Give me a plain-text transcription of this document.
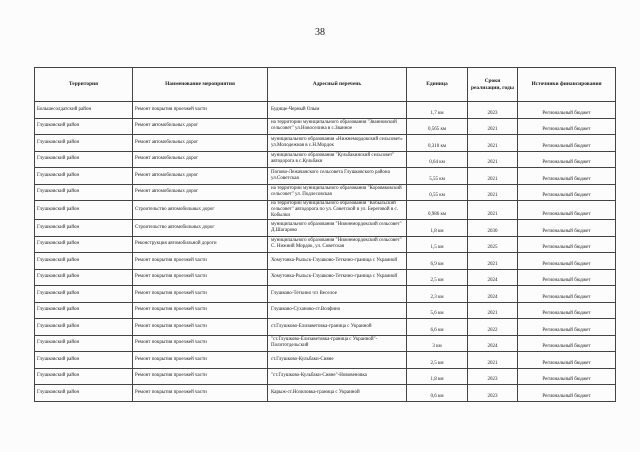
38
Территория	Наименование мероприятия	Адресный перечень	Единица	Сроки реализации, годы	Источники финансирования
Большесолдатский район	Ремонт покрытия проезжей части	Будище-Черный Олым	1,7 км	2023	Региональный бюджет
Глушковский район	Ремонт автомобильных дорог	на территории муниципального образования "Званновский сельсовет" ул.Новоселина в с.Званное	0,565 км	2021	Региональный бюджет
Глушковский район	Ремонт автомобильных дорог	муниципального образования «Нижнемордокский сельсовет» ул.Молодежная в с.Н.Мордок	0,310 км	2021	Региональный бюджет
Глушковский район	Ремонт автомобильных дорог	муниципального образования "Кульбакинский сельсовет" автодорога в с.Кульбаки	0,64 км	2021	Региональный бюджет
Глушковский район	Ремонт автомобильных дорог	Попово-Лежачанского сельсовета Глушковского района ул.Советская	5,55 км	2021	Региональный бюджет
Глушковский район	Ремонт автомобильных дорог	на территории муниципального образования "Коровяковский сельсовет" ул. Подлесовская	0,55 км	2021	Региональный бюджет
Глушковский район	Строительство автомобильных дорог	на территории муниципального образования "Кобыльский сельсовет" автодорога по ул. Советской и ул. Береговой в с. Кобылки	0,986 км	2021	Региональный бюджет
Глушковский район	Строительство автомобильных дорог	муниципального образования "Нижнемордокский сельсовет" Д.Шагарово	1,8 км	2030	Региональный бюджет
Глушковский район	Реконструкция автомобильной дороги	муниципального образования "Нижнемордокский сельсовет" С. Нижний Мордок, ул. Советская	1,5 км	2025	Региональный бюджет
Глушковский район	Ремонт покрытия проезжей части	Хомутовка-Рыльск-Глушково-Теткино-граница с Украиной	6,9 км	2021	Региональный бюджет
Глушковский район	Ремонт покрытия проезжей части	Хомутовка-Рыльск-Глушково-Теткино-граница с Украиной	2,5 км	2024	Региональный бюджет
Глушковский район	Ремонт покрытия проезжей части	Глушково-Теткино ч/з Веселое	2,3 км	2024	Региональный бюджет
Глушковский район	Ремонт покрытия проезжей части	Глушково-Суханово-ст.Волфино	5,6 км	2021	Региональный бюджет
Глушковский район	Ремонт покрытия проезжей части	ст.Глушково-Елизаветовка-граница с Украиной	6,6 км	2022	Региональный бюджет
Глушковский район	Ремонт покрытия проезжей части	"ст.Глушково-Елизаветовка-граница с Украиной"-Политотдельский	3 км	2024	Региональный бюджет
Глушковский район	Ремонт покрытия проезжей части	ст.Глушково-Кульбаки-Сияне	2,5 км	2021	Региональный бюджет
Глушковский район	Ремонт покрытия проезжей части	"ст.Глушково-Кульбаки-Сияне"-Нововеновка	1,8 км	2023	Региональный бюджет
Глушковский район	Ремонт покрытия проезжей части	Карыж-ст.Нозиловка-граница с Украиной	0,6 км	2023	Региональный бюджет
